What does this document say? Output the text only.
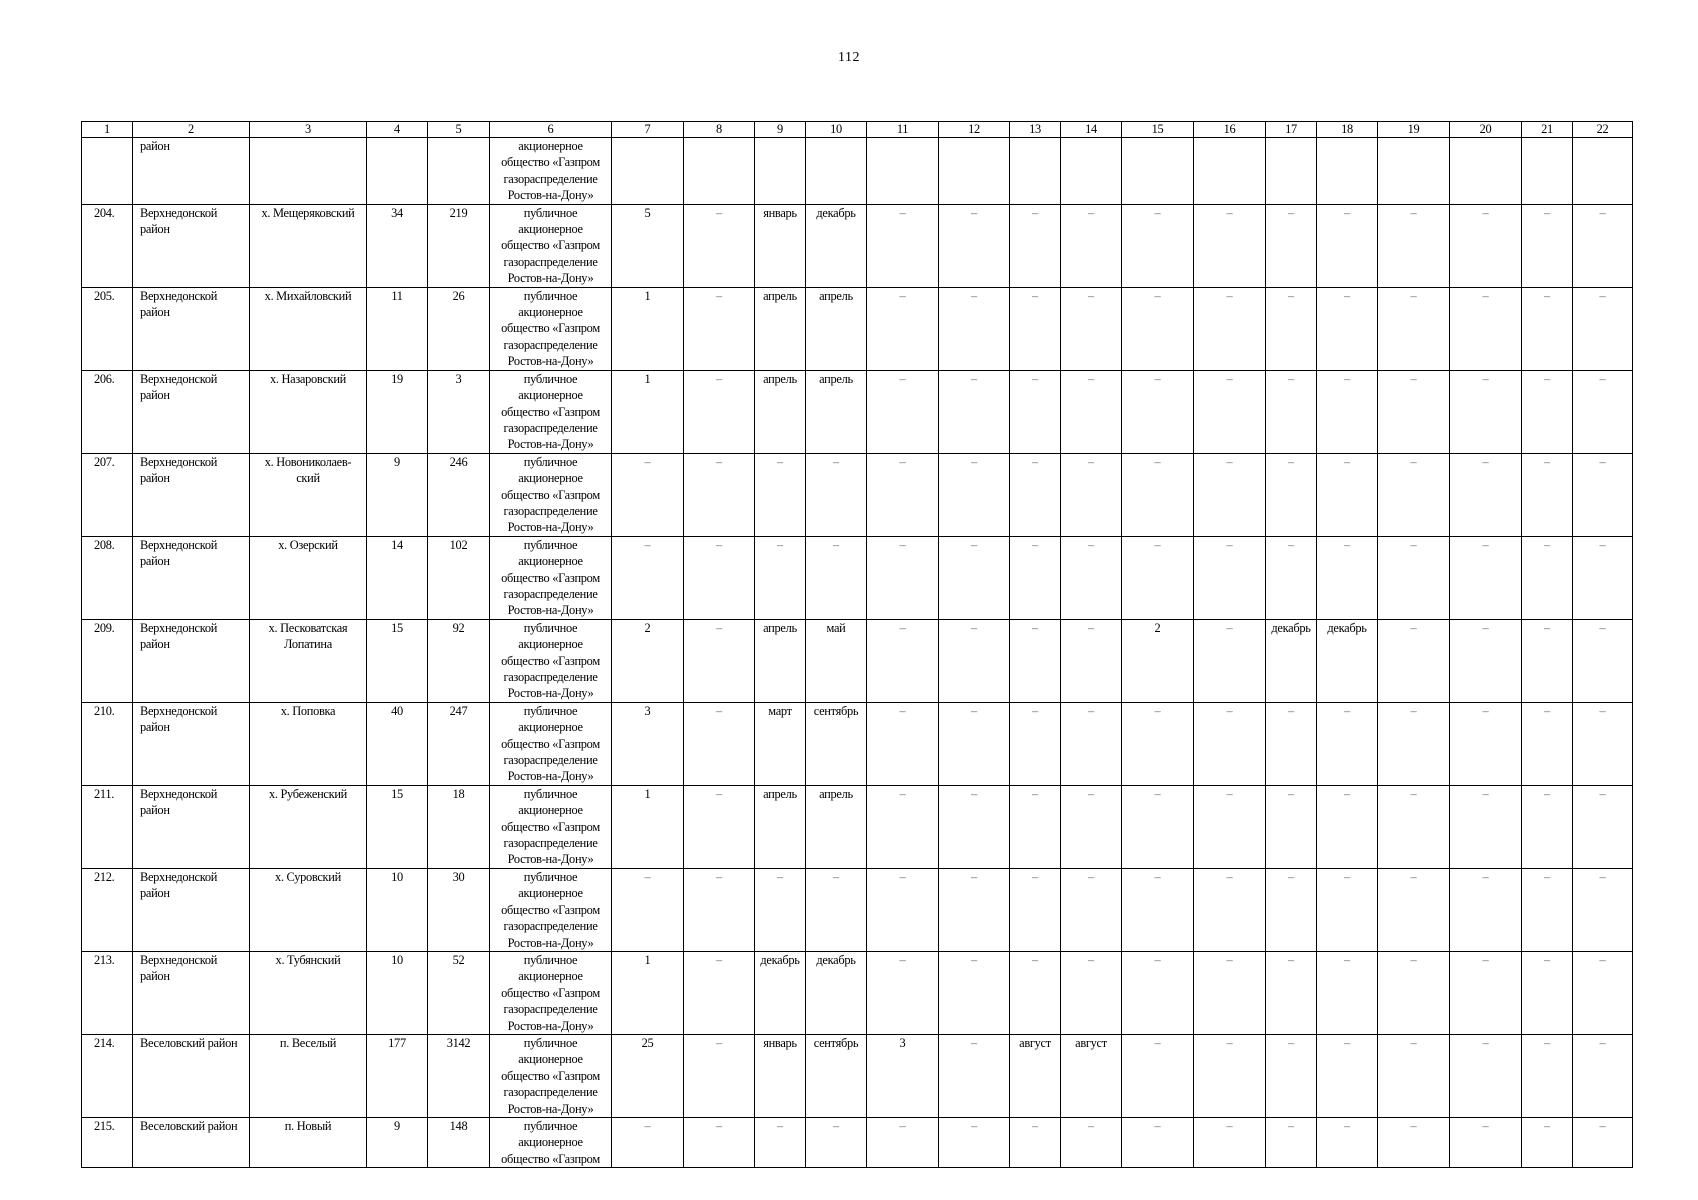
112
1	2	3	4	5	6	7	8	9	10	11	12	13	14	15	16	17	18	19	20	21	22
	район				акционерное
общество «Газпром
газораспределение
Ростов-на-Дону»																
204.	Верхнедонской
район	х. Мещеряковский	34	219	публичное
акционерное
общество «Газпром
газораспределение
Ростов-на-Дону»	5	–	январь	декабрь	–	–	–	–	–	–	–	–	–	–	–	–
205.	Верхнедонской
район	х. Михайловский	11	26	публичное
акционерное
общество «Газпром
газораспределение
Ростов-на-Дону»	1	–	апрель	апрель	–	–	–	–	–	–	–	–	–	–	–	–
206.	Верхнедонской
район	х. Назаровский	19	3	публичное
акционерное
общество «Газпром
газораспределение
Ростов-на-Дону»	1	–	апрель	апрель	–	–	–	–	–	–	–	–	–	–	–	–
207.	Верхнедонской
район	х. Новониколаев-
ский	9	246	публичное
акционерное
общество «Газпром
газораспределение
Ростов-на-Дону»	–	–	–	–	–	–	–	–	–	–	–	–	–	–	–	–
208.	Верхнедонской
район	х. Озерский	14	102	публичное
акционерное
общество «Газпром
газораспределение
Ростов-на-Дону»	–	–	–	–	–	–	–	–	–	–	–	–	–	–	–	–
209.	Верхнедонской
район	х. Песковатская
Лопатина	15	92	публичное
акционерное
общество «Газпром
газораспределение
Ростов-на-Дону»	2	–	апрель	май	–	–	–	–	2	–	декабрь	декабрь	–	–	–	–
210.	Верхнедонской
район	х. Поповка	40	247	публичное
акционерное
общество «Газпром
газораспределение
Ростов-на-Дону»	3	–	март	сентябрь	–	–	–	–	–	–	–	–	–	–	–	–
211.	Верхнедонской
район	х. Рубеженский	15	18	публичное
акционерное
общество «Газпром
газораспределение
Ростов-на-Дону»	1	–	апрель	апрель	–	–	–	–	–	–	–	–	–	–	–	–
212.	Верхнедонской
район	х. Суровский	10	30	публичное
акционерное
общество «Газпром
газораспределение
Ростов-на-Дону»	–	–	–	–	–	–	–	–	–	–	–	–	–	–	–	–
213.	Верхнедонской
район	х. Тубянский	10	52	публичное
акционерное
общество «Газпром
газораспределение
Ростов-на-Дону»	1	–	декабрь	декабрь	–	–	–	–	–	–	–	–	–	–	–	–
214.	Веселовский район	п. Веселый	177	3142	публичное
акционерное
общество «Газпром
газораспределение
Ростов-на-Дону»	25	–	январь	сентябрь	3	–	август	август	–	–	–	–	–	–	–	–
215.	Веселовский район	п. Новый	9	148	публичное
акционерное
общество «Газпром	–	–	–	–	–	–	–	–	–	–	–	–	–	–	–	–
